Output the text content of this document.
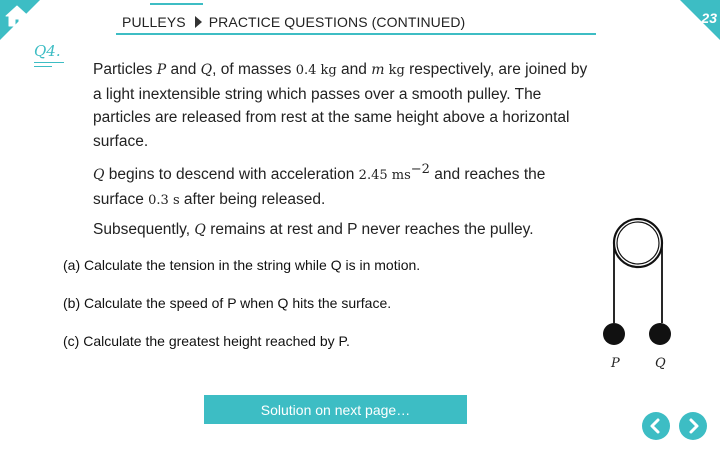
23
PULLEYS PRACTICE QUESTIONS (CONTINUED)
Q4.

Particles P and Q, of masses 0.4 kg and m kg respectively, are joined by a light inextensible string which passes over a smooth pulley. The particles are released from rest at the same height above a horizontal surface.

Q begins to descend with acceleration 2.45 $ms^{-2}$ and reaches the surface 0.3 s after being released.

Subsequently, Q remains at rest and P never reaches the pulley.

(a) Calculate the tension in the string while Q is in motion.
(b) Calculate the speed of P when Q hits the surface.
(c) Calculate the greatest height reached by P.
P	Q
Solution on next page…
